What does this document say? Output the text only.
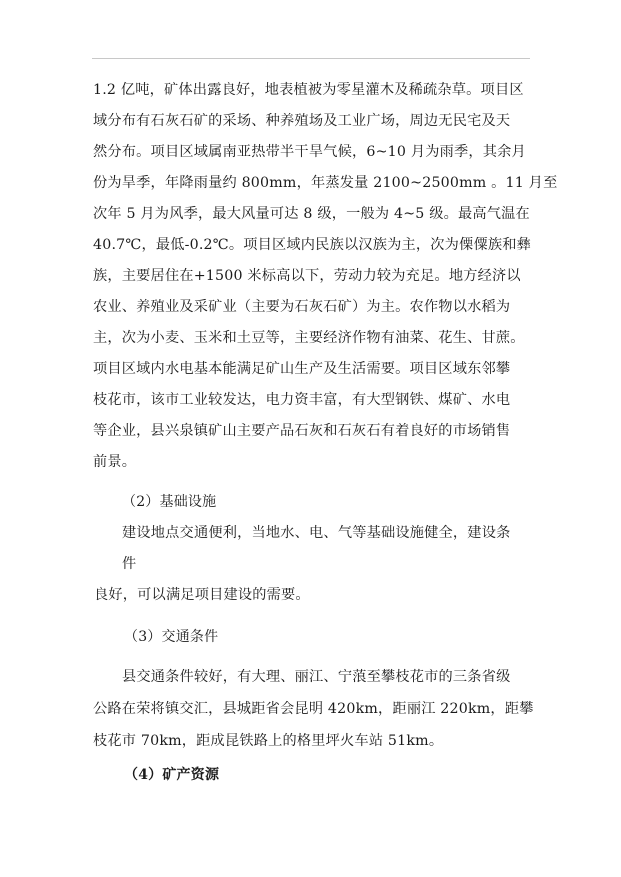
1.2 亿吨，矿体出露良好，地表植被为零星灌木及稀疏杂草。项目区
域分布有石灰石矿的采场、种养殖场及工业广场，周边无民宅及天
然分布。项目区域属南亚热带半干旱气候，6~10 月为雨季，其余月
份为旱季，年降雨量约 800mm，年蒸发量 2100~2500mm 。11 月至
次年 5 月为风季，最大风量可达 8 级，一般为 4~5 级。最高气温在
40.7℃，最低-0.2℃。项目区域内民族以汉族为主，次为傈僳族和彝
族，主要居住在+1500 米标高以下，劳动力较为充足。地方经济以
农业、养殖业及采矿业（主要为石灰石矿）为主。农作物以水稻为
主，次为小麦、玉米和土豆等，主要经济作物有油菜、花生、甘蔗。
项目区域内水电基本能满足矿山生产及生活需要。项目区域东邻攀
枝花市，该市工业较发达，电力资丰富，有大型钢铁、煤矿、水电
等企业，县兴泉镇矿山主要产品石灰和石灰石有着良好的市场销售
前景。
（2）基础设施
建设地点交通便利，当地水、电、气等基础设施健全，建设条
件
良好，可以满足项目建设的需要。
（3）交通条件
县交通条件较好，有大理、丽江、宁蒗至攀枝花市的三条省级
公路在荣将镇交汇，县城距省会昆明 420km，距丽江 220km，距攀
枝花市 70km，距成昆铁路上的格里坪火车站 51km。
（4）矿产资源
